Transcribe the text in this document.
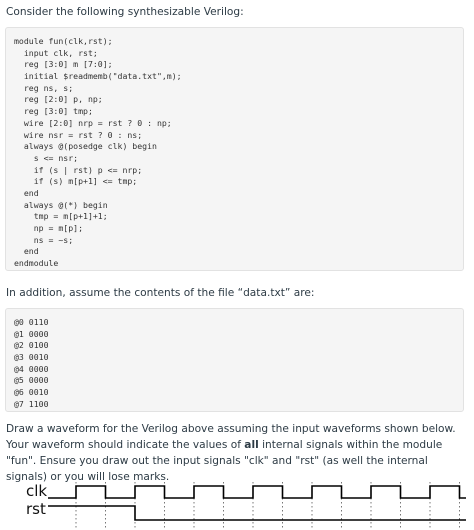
Consider the following synthesizable Verilog:
module fun(clk,rst);
input clk, rst;
reg [3:0] m [7:0];
initial $readmemb("data.txt",m);
reg ns, s;
reg [2:0] p, np;
reg [3:0] tmp;
wire [2:0] nrp = rst ? 0 : np;
wire nsr = rst ? 0 : ns;
always @(posedge clk) begin
s <= nsr;
if (s | rst) p <= nrp;
if (s) m[p+1] <= tmp;
end
always @(*) begin
tmp = m[p+1]+1;
np = m[p];
ns = ~s;
end
endmodule
In addition, assume the contents of the file “data.txt” are:
@0 0110
@1 0000
@2 0100
@3 0010
@4 0000
@5 0000
@6 0010
@7 1100
Draw a waveform for the Verilog above assuming the input waveforms shown below. Your waveform should indicate the values of all internal signals within the module "fun". Ensure you draw out the input signals "clk" and "rst" (as well the internal signals) or you will lose marks.
clk
rst
